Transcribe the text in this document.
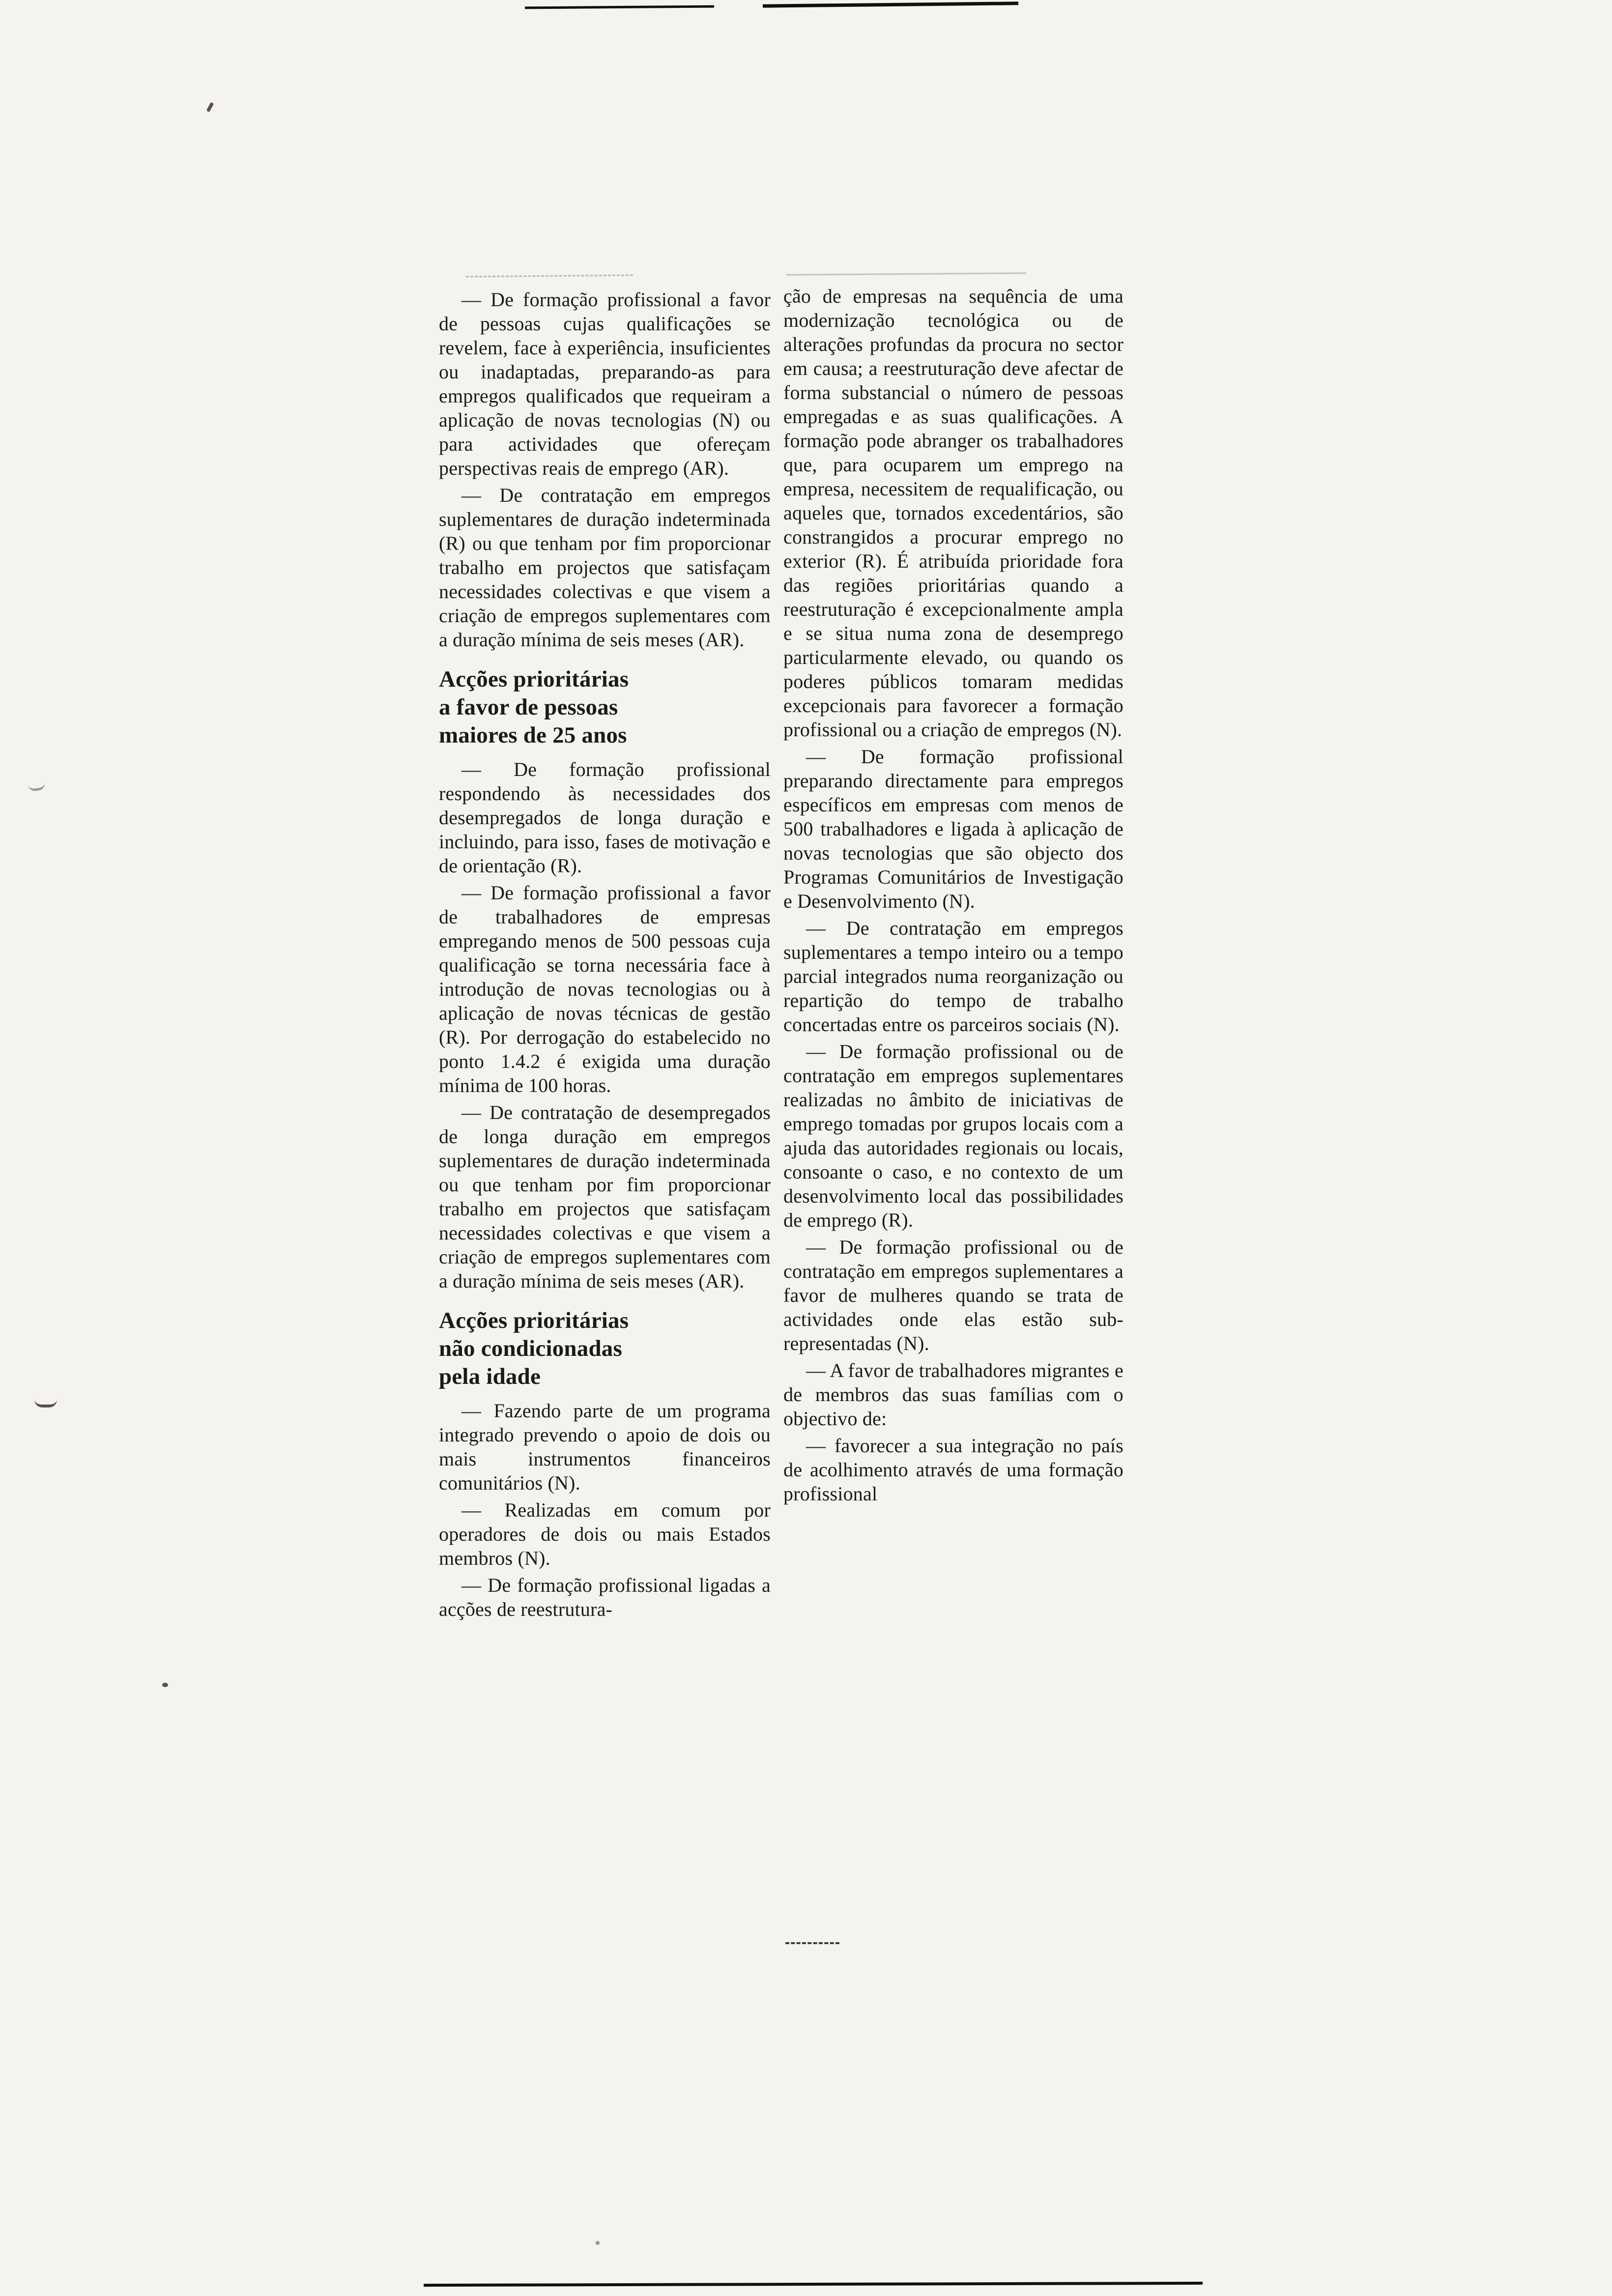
— De formação profissional a favor de pessoas cujas qualificações se revelem, face à experiência, insuficientes ou inadaptadas, preparando-as para empregos qualificados que requeiram a aplicação de novas tecnologias (N) ou para actividades que ofereçam perspectivas reais de emprego (AR).

— De contratação em empregos suplementares de duração indeterminada (R) ou que tenham por fim proporcionar trabalho em projectos que satisfaçam necessidades colectivas e que visem a criação de empregos suplementares com a duração mínima de seis meses (AR).

Acções prioritárias
a favor de pessoas
maiores de 25 anos

— De formação profissional respondendo às necessidades dos desempregados de longa duração e incluindo, para isso, fases de motivação e de orientação (R).

— De formação profissional a favor de trabalhadores de empresas empregando menos de 500 pessoas cuja qualificação se torna necessária face à introdução de novas tecnologias ou à aplicação de novas técnicas de gestão (R). Por derrogação do estabelecido no ponto 1.4.2 é exigida uma duração mínima de 100 horas.

— De contratação de desempregados de longa duração em empregos suplementares de duração indeterminada ou que tenham por fim proporcionar trabalho em projectos que satisfaçam necessidades colectivas e que visem a criação de empregos suplementares com a duração mínima de seis meses (AR).

Acções prioritárias
não condicionadas
pela idade

— Fazendo parte de um programa integrado prevendo o apoio de dois ou mais instrumentos financeiros comunitários (N).

— Realizadas em comum por operadores de dois ou mais Estados membros (N).

— De formação profissional ligadas a acções de reestrutura-

ção de empresas na sequência de uma modernização tecnológica ou de alterações profundas da procura no sector em causa; a reestruturação deve afectar de forma substancial o número de pessoas empregadas e as suas qualificações. A formação pode abranger os trabalhadores que, para ocuparem um emprego na empresa, necessitem de requalificação, ou aqueles que, tornados excedentários, são constrangidos a procurar emprego no exterior (R). É atribuída prioridade fora das regiões prioritárias quando a reestruturação é excepcionalmente ampla e se situa numa zona de desemprego particularmente elevado, ou quando os poderes públicos tomaram medidas excepcionais para favorecer a formação profissional ou a criação de empregos (N).

— De formação profissional preparando directamente para empregos específicos em empresas com menos de 500 trabalhadores e ligada à aplicação de novas tecnologias que são objecto dos Programas Comunitários de Investigação e Desenvolvimento (N).

— De contratação em empregos suplementares a tempo inteiro ou a tempo parcial integrados numa reorganização ou repartição do tempo de trabalho concertadas entre os parceiros sociais (N).

— De formação profissional ou de contratação em empregos suplementares realizadas no âmbito de iniciativas de emprego tomadas por grupos locais com a ajuda das autoridades regionais ou locais, consoante o caso, e no contexto de um desenvolvimento local das possibilidades de emprego (R).

— De formação profissional ou de contratação em empregos suplementares a favor de mulheres quando se trata de actividades onde elas estão sub-representadas (N).

— A favor de trabalhadores migrantes e de membros das suas famílias com o objectivo de:

— favorecer a sua integração no país de acolhimento através de uma formação profissional
